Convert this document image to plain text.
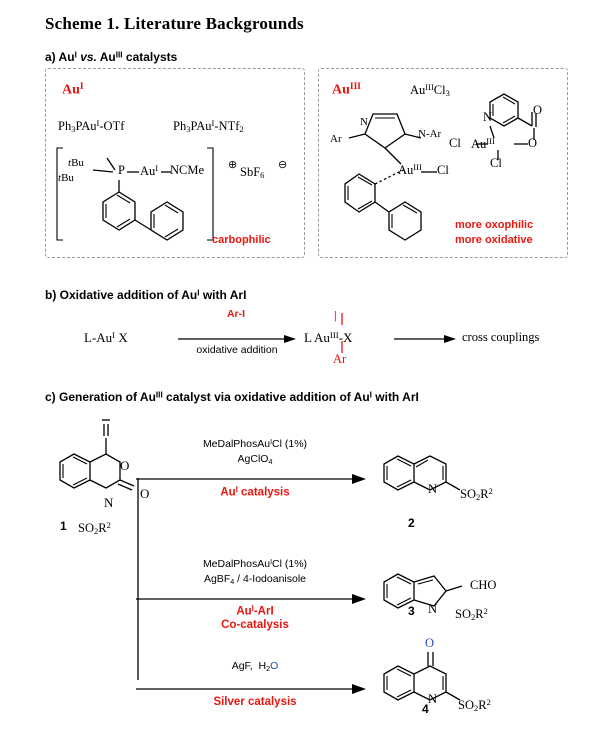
Scheme 1. Literature Backgrounds
a) $Au^I$ vs. $Au^{III}$ catalysts
$Au^I$
$Ph_3PAu^I$-OTf	$Ph_3PAu^I-NTf_2$
tBu
tBu
P $Au^I$ NCMe ⊕ SbF$_6$
⊖
carbophilic
$Au^{III}$	$Au^{III}Cl_3$
N-Ar
Ar
N
$Au^{III}$ Cl
N	O
O
$Au^{III}$
Cl
Cl
more oxophilic
more oxidative
b) Oxidative addition of $Au^I$ with ArI
$L-Au^I$ X
Ar-I
oxidative addition
L $Au^{III}-X$
|
Ar
cross couplings
c) Generation of $Au^{III}$ catalyst via oxidative addition of $Au^I$ with ArI
O
O
N
$SO_2R^2$
1
MeDalPhosAu$^I$Cl (1%)
AgClO$_4$
$Au^I$ catalysis	N $SO_2R^2$
2
MeDalPhosAu$^I$Cl (1%)
AgBF$_4$ / 4-Iodoanisole
$Au^I$-ArI
Co-catalysis
CHO
N $SO_2R^2$
3
AgF,  $H_2O$
Silver catalysis
O
N $SO_2R^2$
4
